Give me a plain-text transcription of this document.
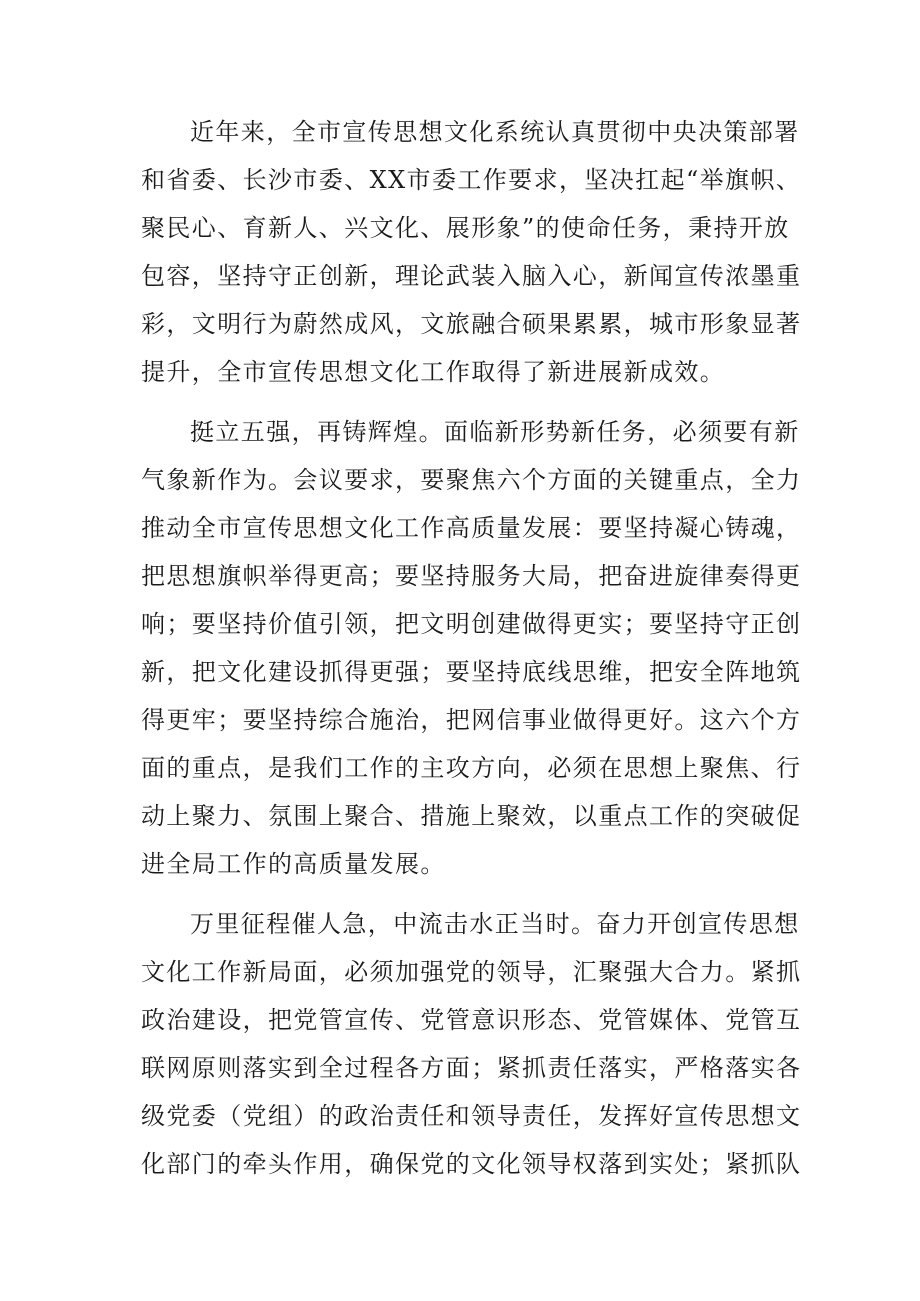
近年来，全市宣传思想文化系统认真贯彻中央决策部署
和省委、长沙市委、XX市委工作要求，坚决扛起“举旗帜、
聚民心、育新人、兴文化、展形象”的使命任务，秉持开放
包容，坚持守正创新，理论武装入脑入心，新闻宣传浓墨重
彩，文明行为蔚然成风，文旅融合硕果累累，城市形象显著
提升，全市宣传思想文化工作取得了新进展新成效。
挺立五强，再铸辉煌。面临新形势新任务，必须要有新
气象新作为。会议要求，要聚焦六个方面的关键重点，全力
推动全市宣传思想文化工作高质量发展：要坚持凝心铸魂，
把思想旗帜举得更高；要坚持服务大局，把奋进旋律奏得更
响；要坚持价值引领，把文明创建做得更实；要坚持守正创
新，把文化建设抓得更强；要坚持底线思维，把安全阵地筑
得更牢；要坚持综合施治，把网信事业做得更好。这六个方
面的重点，是我们工作的主攻方向，必须在思想上聚焦、行
动上聚力、氛围上聚合、措施上聚效，以重点工作的突破促
进全局工作的高质量发展。
万里征程催人急，中流击水正当时。奋力开创宣传思想
文化工作新局面，必须加强党的领导，汇聚强大合力。紧抓
政治建设，把党管宣传、党管意识形态、党管媒体、党管互
联网原则落实到全过程各方面；紧抓责任落实，严格落实各
级党委（党组）的政治责任和领导责任，发挥好宣传思想文
化部门的牵头作用，确保党的文化领导权落到实处；紧抓队
